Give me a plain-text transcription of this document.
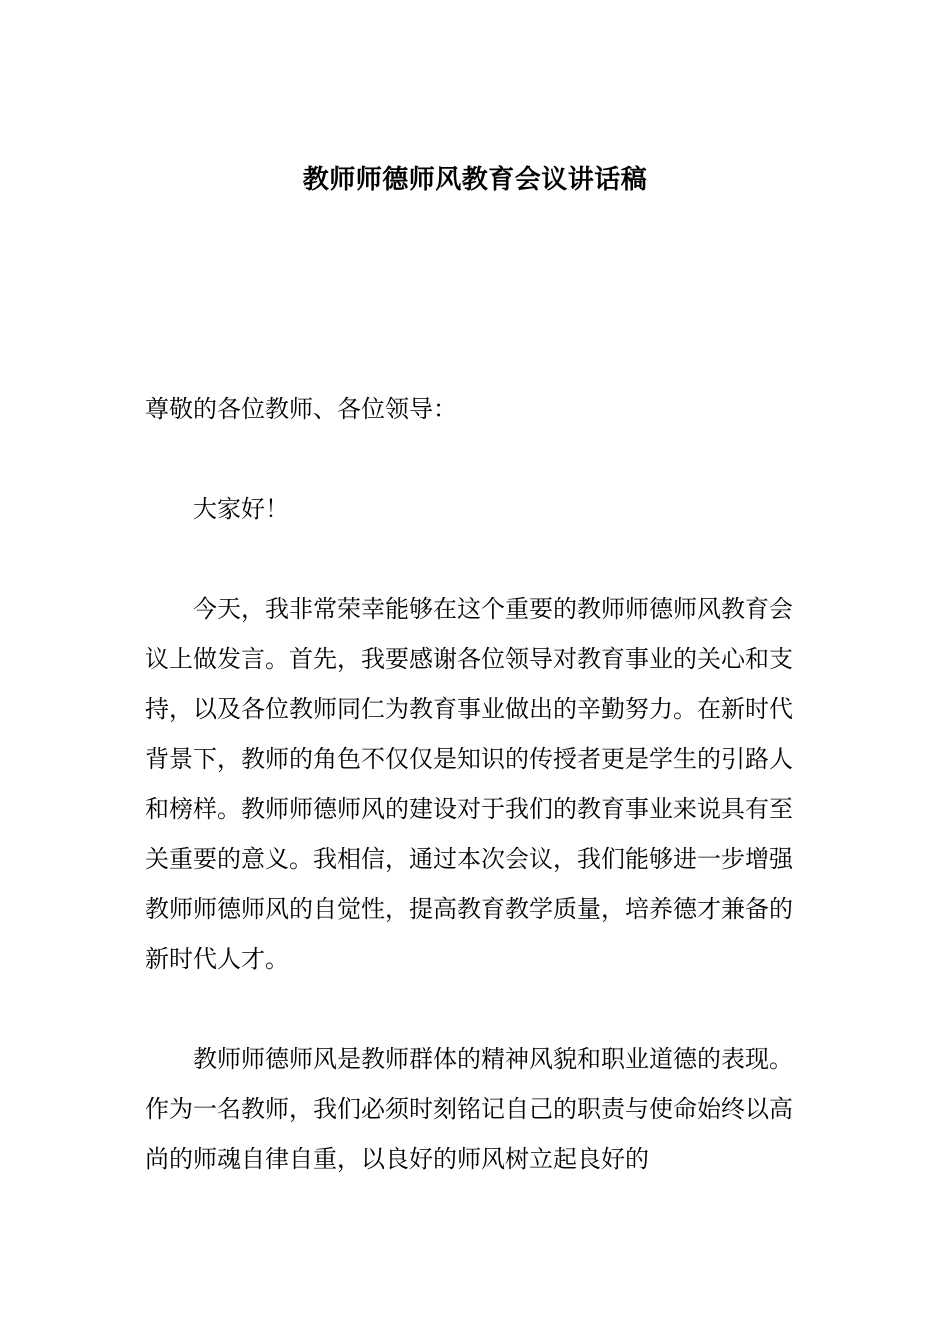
教师师德师风教育会议讲话稿

尊敬的各位教师、各位领导：

大家好！

今天，我非常荣幸能够在这个重要的教师师德师风教育会议上做发言。首先，我要感谢各位领导对教育事业的关心和支持，以及各位教师同仁为教育事业做出的辛勤努力。在新时代背景下，教师的角色不仅仅是知识的传授者更是学生的引路人和榜样。教师师德师风的建设对于我们的教育事业来说具有至关重要的意义。我相信，通过本次会议，我们能够进一步增强教师师德师风的自觉性，提高教育教学质量，培养德才兼备的新时代人才。

教师师德师风是教师群体的精神风貌和职业道德的表现。作为一名教师，我们必须时刻铭记自己的职责与使命始终以高尚的师魂自律自重，以良好的师风树立起良好的
